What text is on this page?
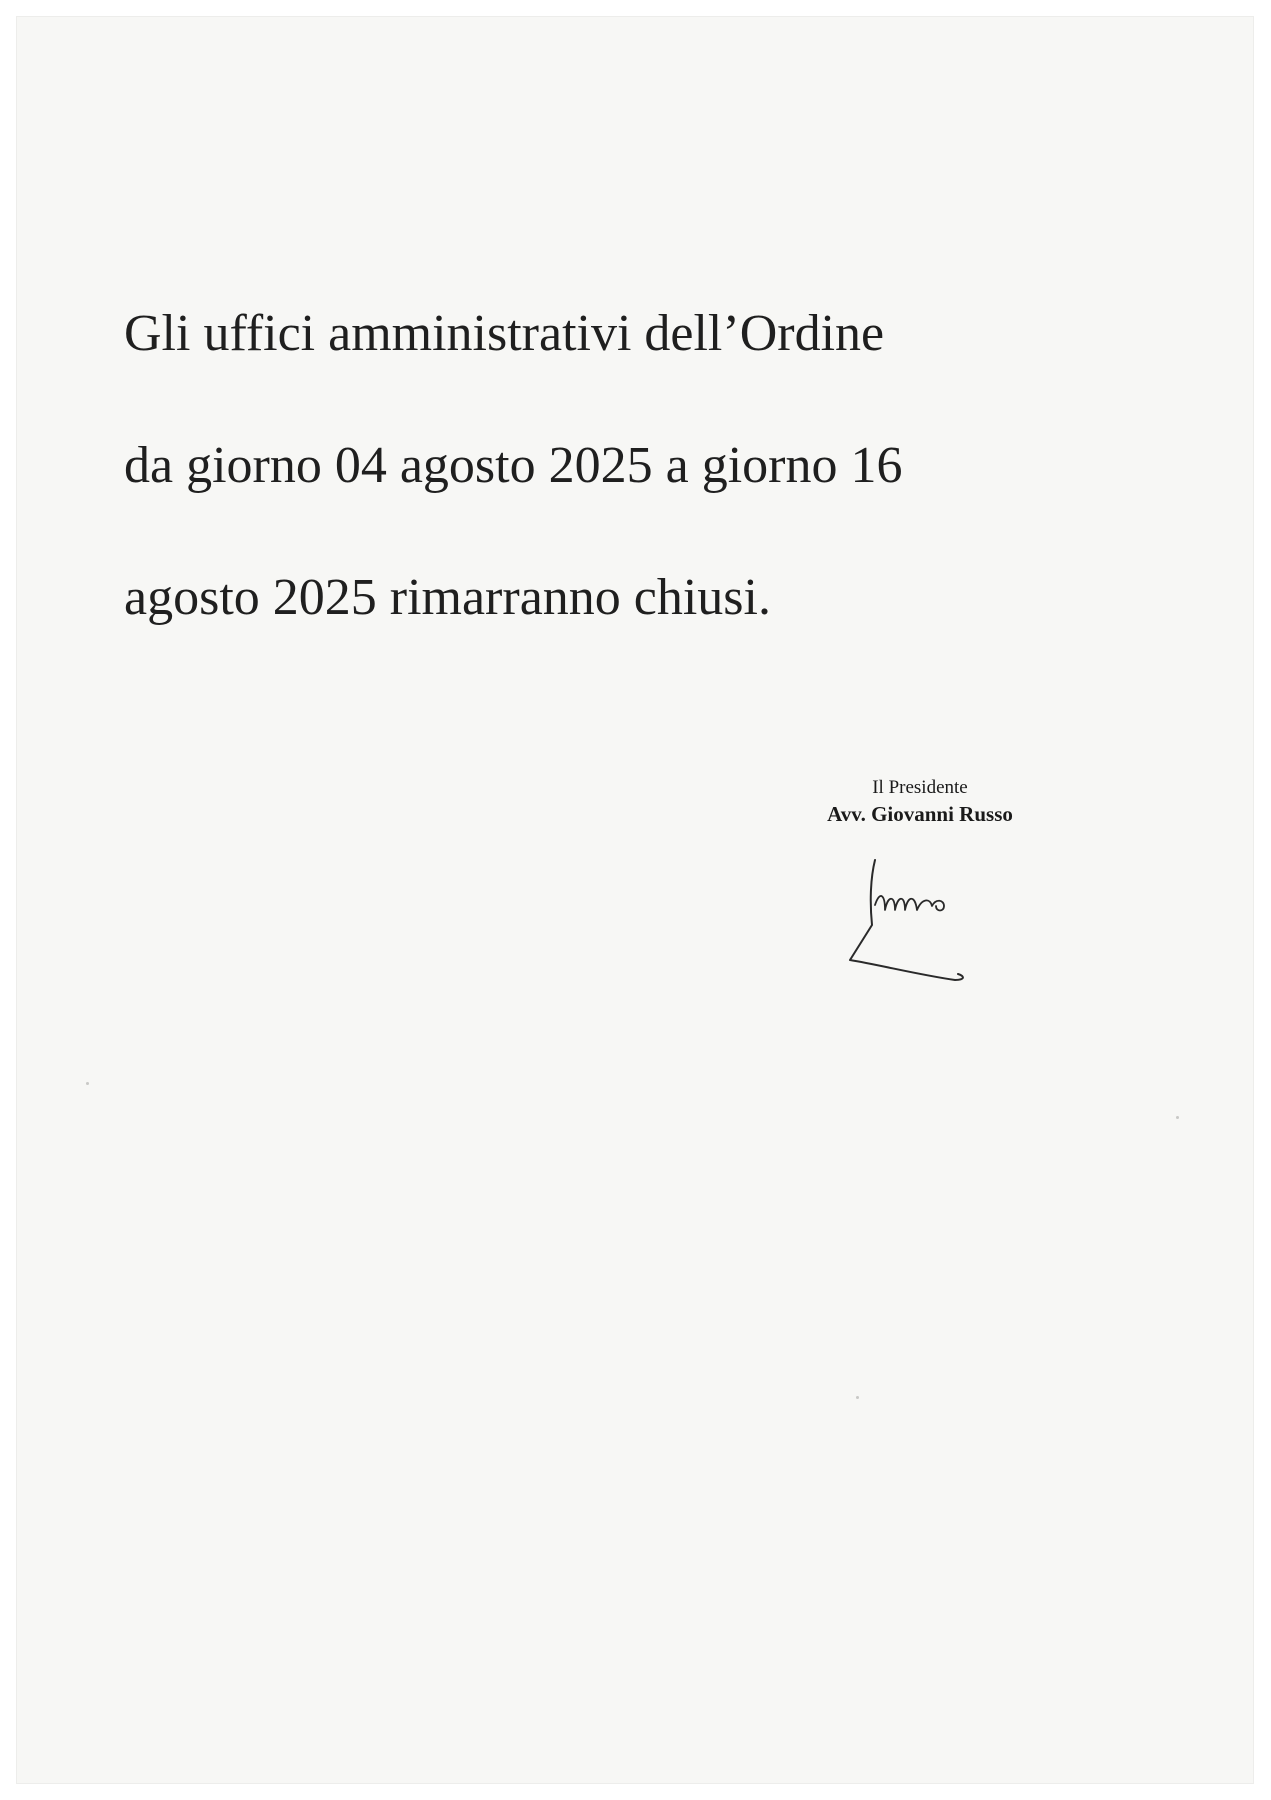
Gli uffici amministrativi dell’Ordine
da giorno 04 agosto 2025 a giorno 16
agosto 2025 rimarranno chiusi.

Il Presidente
Avv. Giovanni Russo
